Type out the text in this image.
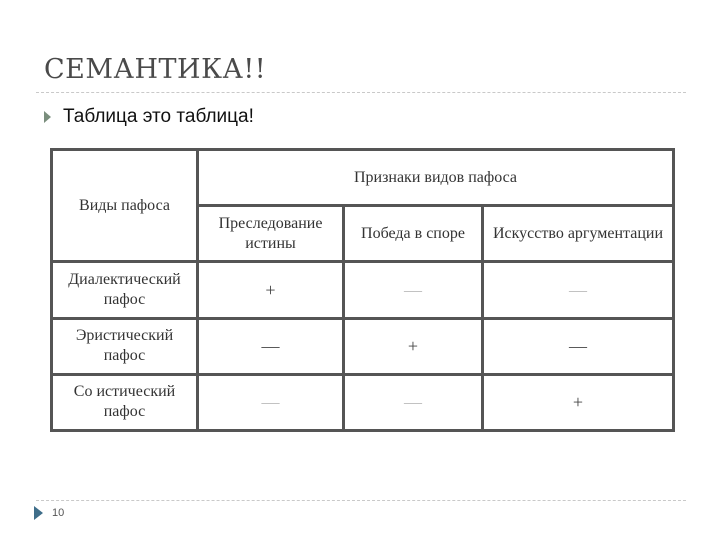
СЕМАНТИКА!!
Таблица это таблица!
Виды пафоса	Признаки видов пафоса		
	Преследование истины	Победа в споре	Искусство аргументации
Диалектический пафос	+	—	—
Эристический пафос	—	+	—
Со истический пафос	—	—	+
10
